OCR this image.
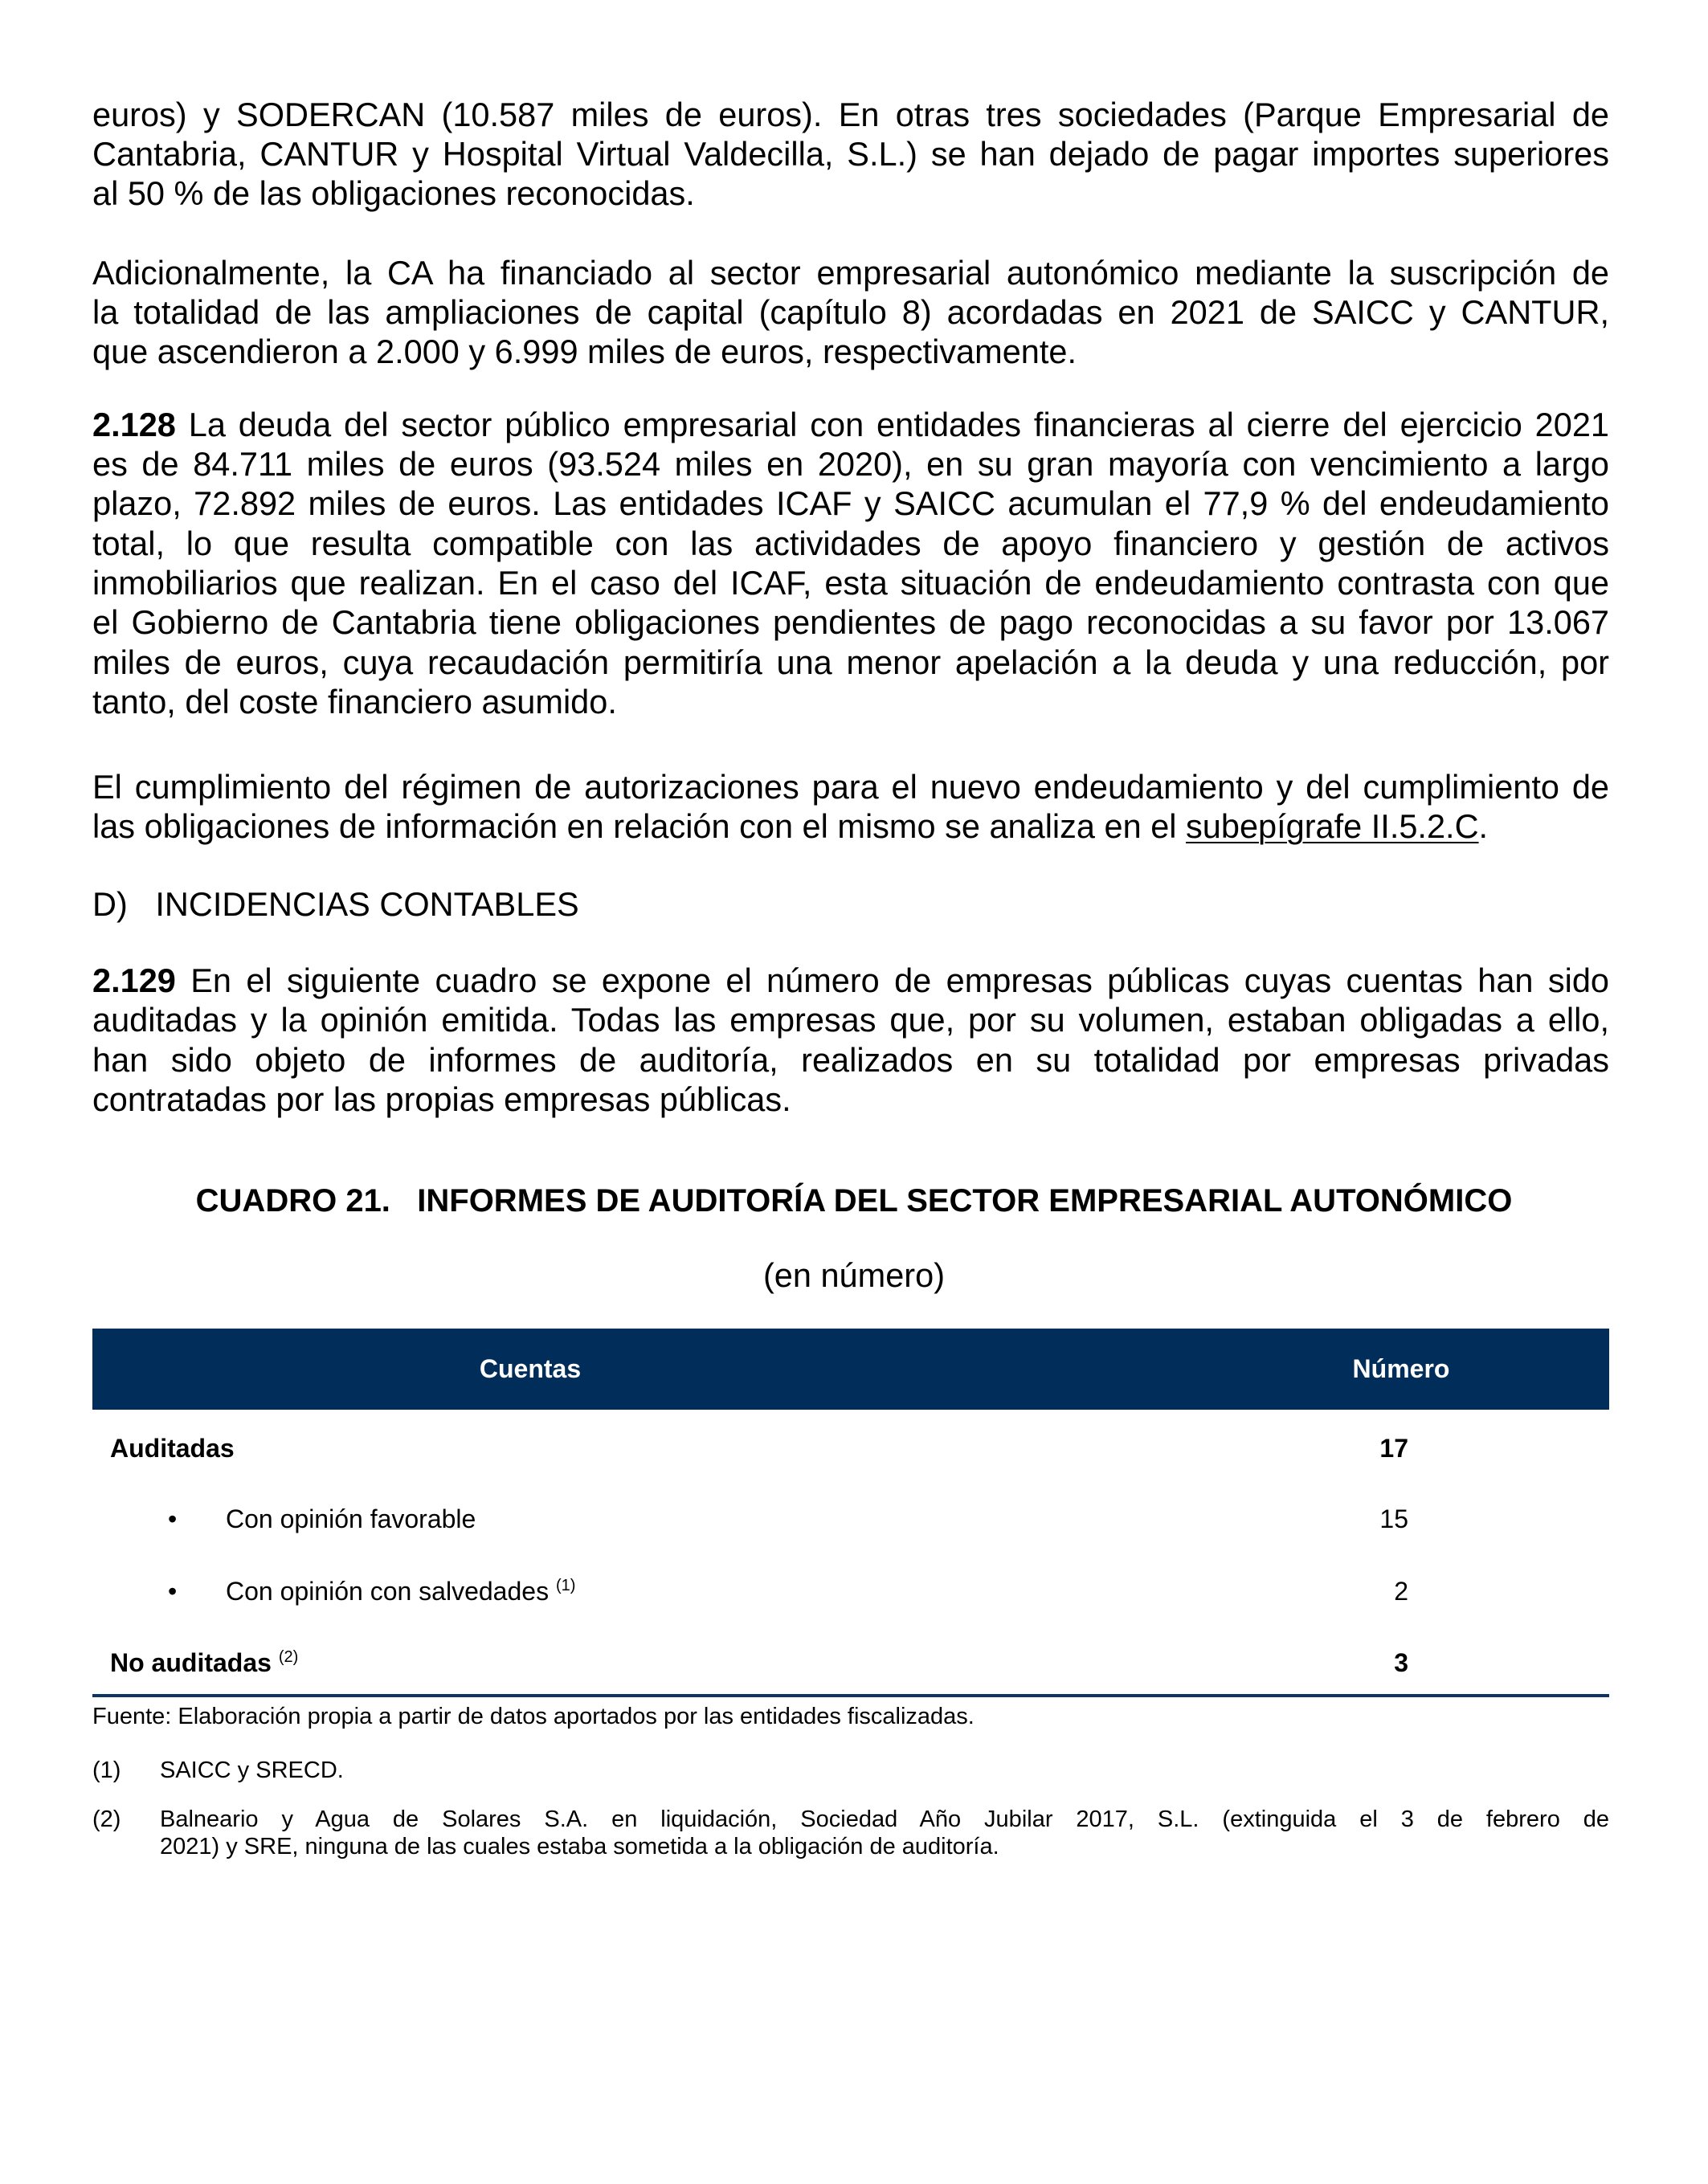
euros) y SODERCAN (10.587 miles de euros). En otras tres sociedades (Parque Empresarial de
Cantabria, CANTUR y Hospital Virtual Valdecilla, S.L.) se han dejado de pagar importes superiores
al 50 % de las obligaciones reconocidas.
Adicionalmente, la CA ha financiado al sector empresarial autonómico mediante la suscripción de
la totalidad de las ampliaciones de capital (capítulo 8) acordadas en 2021 de SAICC y CANTUR,
que ascendieron a 2.000 y 6.999 miles de euros, respectivamente.
2.128 La deuda del sector público empresarial con entidades financieras al cierre del ejercicio 2021
es de 84.711 miles de euros (93.524 miles en 2020), en su gran mayoría con vencimiento a largo
plazo, 72.892 miles de euros. Las entidades ICAF y SAICC acumulan el 77,9 % del endeudamiento
total, lo que resulta compatible con las actividades de apoyo financiero y gestión de activos
inmobiliarios que realizan. En el caso del ICAF, esta situación de endeudamiento contrasta con que
el Gobierno de Cantabria tiene obligaciones pendientes de pago reconocidas a su favor por 13.067
miles de euros, cuya recaudación permitiría una menor apelación a la deuda y una reducción, por
tanto, del coste financiero asumido.
El cumplimiento del régimen de autorizaciones para el nuevo endeudamiento y del cumplimiento de
las obligaciones de información en relación con el mismo se analiza en el subepígrafe II.5.2.C.
D)   INCIDENCIAS CONTABLES
2.129 En el siguiente cuadro se expone el número de empresas públicas cuyas cuentas han sido
auditadas y la opinión emitida. Todas las empresas que, por su volumen, estaban obligadas a ello,
han sido objeto de informes de auditoría, realizados en su totalidad por empresas privadas
contratadas por las propias empresas públicas.
CUADRO 21.   INFORMES DE AUDITORÍA DEL SECTOR EMPRESARIAL AUTONÓMICO
(en número)
Cuentas	Número
Auditadas	17
• Con opinión favorable	15
• Con opinión con salvedades $^{(1)}$	2
No auditadas $^{(2)}$	3
Fuente: Elaboración propia a partir de datos aportados por las entidades fiscalizadas.
(1) SAICC y SRECD.
(2) Balneario y Agua de Solares S.A. en liquidación, Sociedad Año Jubilar 2017, S.L. (extinguida el 3 de febrero de
2021) y SRE, ninguna de las cuales estaba sometida a la obligación de auditoría.
